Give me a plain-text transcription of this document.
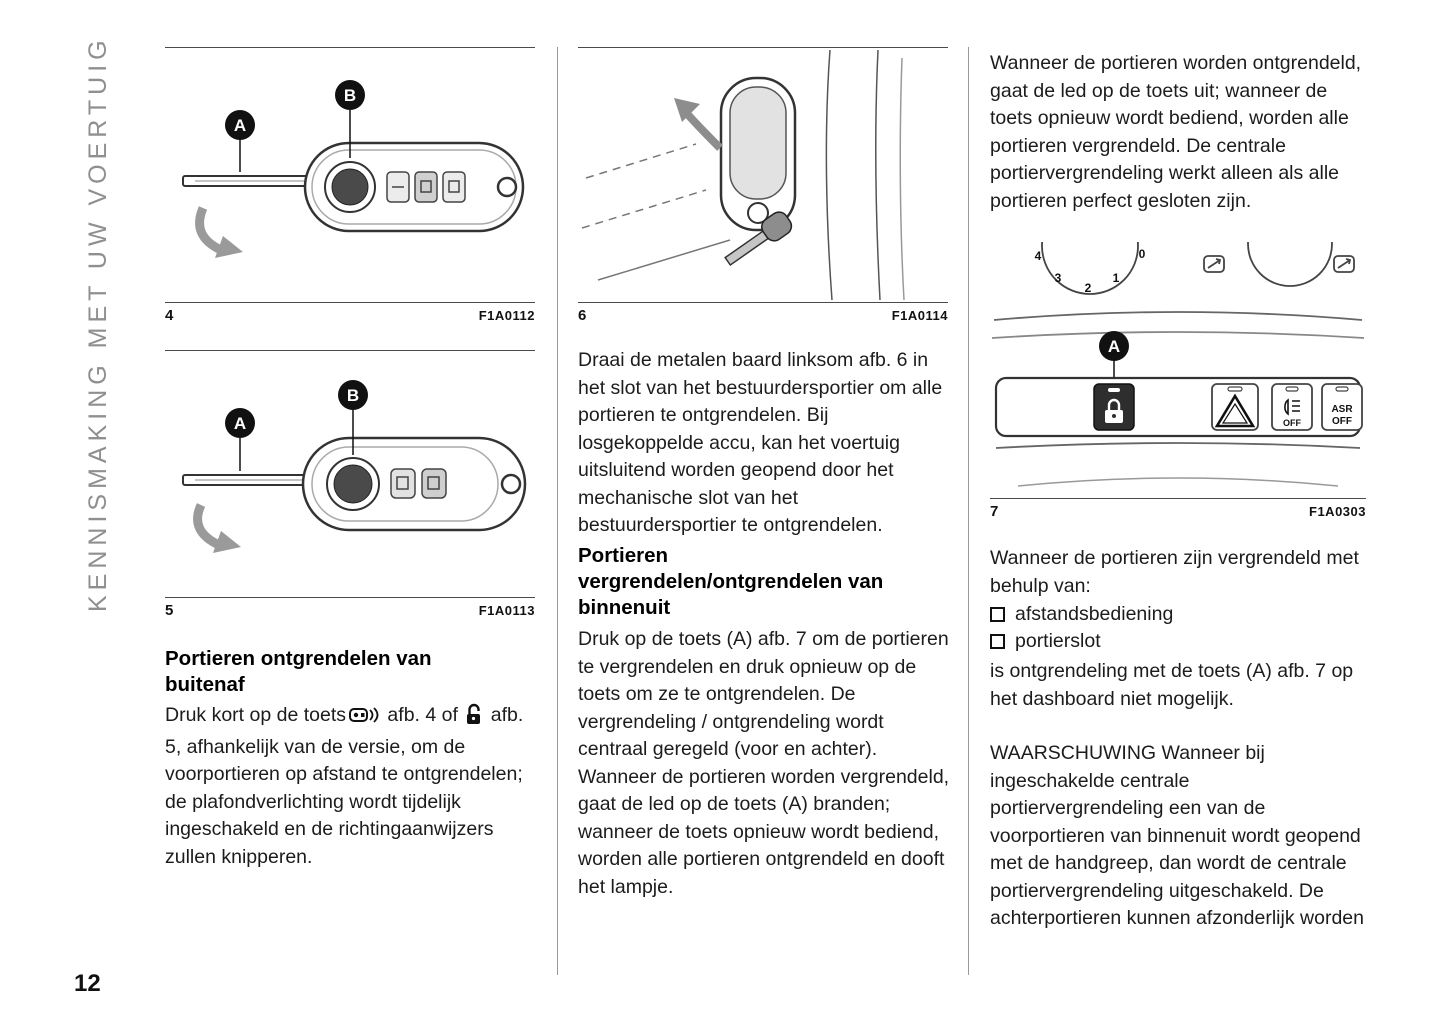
KENNISMAKING MET UW VOERTUIG
12
A
B
4	F1A0112
A
B
5	F1A0113
Portieren ontgrendelen van buitenaf
Druk kort op de toets afb. 4 of  afb. 5, afhankelijk van de versie, om de voorportieren op afstand te ontgrendelen; de plafondverlichting wordt tijdelijk ingeschakeld en de richtingaanwijzers zullen knipperen.
6	F1A0114
Draai de metalen baard linksom afb. 6 in het slot van het bestuurdersportier om alle portieren te ontgrendelen. Bij losgekoppelde accu, kan het voertuig uitsluitend worden geopend door het mechanische slot van het bestuurdersportier te ontgrendelen.
Portieren vergrendelen/ontgrendelen van binnenuit
Druk op de toets (A) afb. 7 om de portieren te vergrendelen en druk opnieuw op de toets om ze te ontgrendelen. De vergrendeling / ontgrendeling wordt centraal geregeld (voor en achter).
Wanneer de portieren worden vergrendeld, gaat de led op de toets (A) branden; wanneer de toets opnieuw wordt bediend, worden alle portieren ontgrendeld en dooft het lampje.
Wanneer de portieren worden ontgrendeld, gaat de led op de toets uit; wanneer de toets opnieuw wordt bediend, worden alle portieren vergrendeld. De centrale portiervergrendeling werkt alleen als alle portieren perfect gesloten zijn.
4
3
2
1
0
A
OFF
ASR
OFF
7	F1A0303
Wanneer de portieren zijn vergrendeld met behulp van:
afstandsbediening
portierslot
is ontgrendeling met de toets (A) afb. 7 op het dashboard niet mogelijk.
WAARSCHUWING Wanneer bij ingeschakelde centrale portiervergrendeling een van de voorportieren van binnenuit wordt geopend met de handgreep, dan wordt de centrale portiervergrendeling uitgeschakeld. De achterportieren kunnen afzonderlijk worden
